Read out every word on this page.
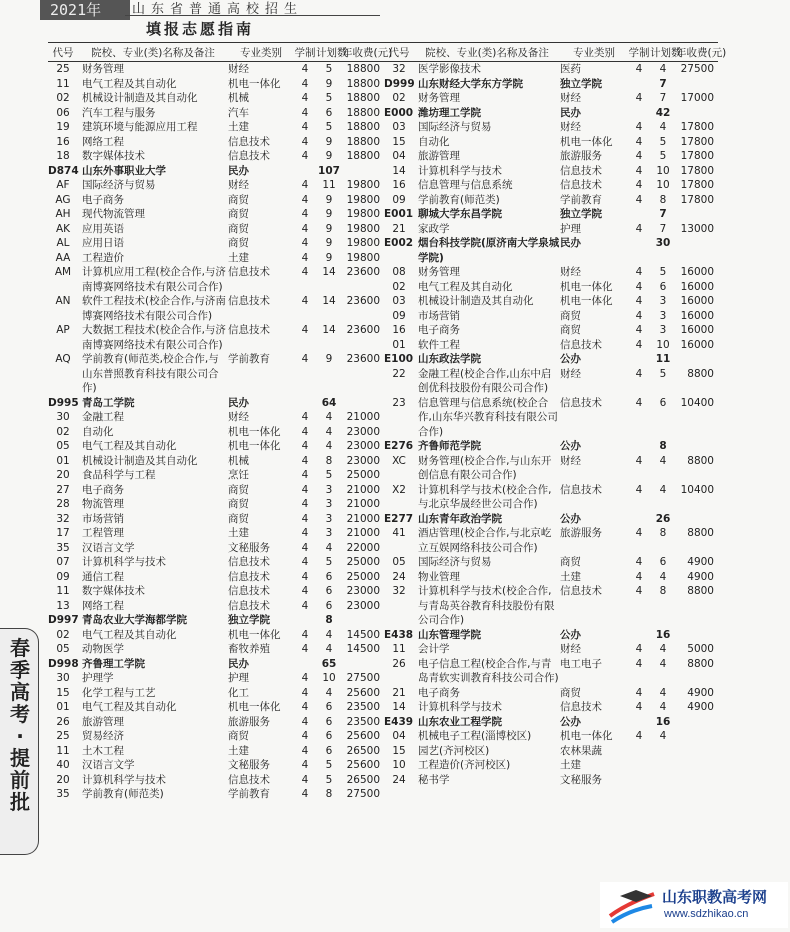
2021年	山东省普通高校招生
填报志愿指南
代号	院校、专业(类)名称及备注	专业类别	学制	计划数	年收费(元)
25	财务管理	财经	4	5	18800
11	电气工程及其自动化	机电一体化	4	9	18800
02	机械设计制造及其自动化	机械	4	5	18800
06	汽车工程与服务	汽车	4	6	18800
19	建筑环境与能源应用工程	土建	4	5	18800
16	网络工程	信息技术	4	9	18800
18	数字媒体技术	信息技术	4	9	18800
D874	山东外事职业大学	民办		107	
AF	国际经济与贸易	财经	4	11	19800
AG	电子商务	商贸	4	9	19800
AH	现代物流管理	商贸	4	9	19800
AK	应用英语	商贸	4	9	19800
AL	应用日语	商贸	4	9	19800
AA	工程造价	土建	4	9	19800
AM	计算机应用工程(校企合作,与济南博赛网络技术有限公司合作)	信息技术	4	14	23600
AN	软件工程技术(校企合作,与济南博赛网络技术有限公司合作)	信息技术	4	14	23600
AP	大数据工程技术(校企合作,与济南博赛网络技术有限公司合作)	信息技术	4	14	23600
AQ	学前教育(师范类,校企合作,与山东普照教育科技有限公司合作)	学前教育	4	9	23600
D995	青岛工学院	民办		64	
30	金融工程	财经	4	4	21000
02	自动化	机电一体化	4	4	23000
05	电气工程及其自动化	机电一体化	4	4	23000
01	机械设计制造及其自动化	机械	4	8	23000
20	食品科学与工程	烹饪	4	5	25000
27	电子商务	商贸	4	3	21000
28	物流管理	商贸	4	3	21000
32	市场营销	商贸	4	3	21000
17	工程管理	土建	4	3	21000
35	汉语言文学	文秘服务	4	4	22000
07	计算机科学与技术	信息技术	4	5	25000
09	通信工程	信息技术	4	6	25000
11	数字媒体技术	信息技术	4	6	23000
13	网络工程	信息技术	4	6	23000
D997	青岛农业大学海都学院	独立学院		8	
02	电气工程及其自动化	机电一体化	4	4	14500
05	动物医学	畜牧养殖	4	4	14500
D998	齐鲁理工学院	民办		65	
30	护理学	护理	4	10	27500
15	化学工程与工艺	化工	4	4	25600
01	电气工程及其自动化	机电一体化	4	6	23500
26	旅游管理	旅游服务	4	6	23500
25	贸易经济	商贸	4	6	25600
11	土木工程	土建	4	6	26500
40	汉语言文学	文秘服务	4	5	25600
20	计算机科学与技术	信息技术	4	5	26500
35	学前教育(师范类)	学前教育	4	8	27500
代号	院校、专业(类)名称及备注	专业类别	学制	计划数	年收费(元)
32	医学影像技术	医药	4	4	27500
D999	山东财经大学东方学院	独立学院		7	
02	财务管理	财经	4	7	17000
E000	潍坊理工学院	民办		42	
03	国际经济与贸易	财经	4	4	17800
15	自动化	机电一体化	4	5	17800
04	旅游管理	旅游服务	4	5	17800
14	计算机科学与技术	信息技术	4	10	17800
16	信息管理与信息系统	信息技术	4	10	17800
09	学前教育(师范类)	学前教育	4	8	17800
E001	聊城大学东昌学院	独立学院		7	
21	家政学	护理	4	7	13000
E002	烟台科技学院(原济南大学泉城学院)	民办		30	
08	财务管理	财经	4	5	16000
02	电气工程及其自动化	机电一体化	4	6	16000
03	机械设计制造及其自动化	机电一体化	4	3	16000
09	市场营销	商贸	4	3	16000
16	电子商务	商贸	4	3	16000
01	软件工程	信息技术	4	10	16000
E100	山东政法学院	公办		11	
22	金融工程(校企合作,山东中启创优科技股份有限公司合作)	财经	4	5	8800
23	信息管理与信息系统(校企合作,山东华兴教育科技有限公司合作)	信息技术	4	6	10400
E276	齐鲁师范学院	公办		8	
XC	财务管理(校企合作,与山东开创信息有限公司合作)	财经	4	4	8800
X2	计算机科学与技术(校企合作,与北京华晟经世公司合作)	信息技术	4	4	10400
E277	山东青年政治学院	公办		26	
41	酒店管理(校企合作,与北京屹立互娱网络科技公司合作)	旅游服务	4	8	8800
05	国际经济与贸易	商贸	4	6	4900
24	物业管理	土建	4	4	4900
32	计算机科学与技术(校企合作,与青岛英谷教育科技股份有限公司合作)	信息技术	4	8	8800
E438	山东管理学院	公办		16	
11	会计学	财经	4	4	5000
26	电子信息工程(校企合作,与青岛青软实训教育科技公司合作)	电工电子	4	4	8800
21	电子商务	商贸	4	4	4900
14	计算机科学与技术	信息技术	4	4	4900
E439	山东农业工程学院	公办		16	
04	机械电子工程(淄博校区)	机电一体化	4	4	
15	园艺(齐河校区)	农林果蔬			
10	工程造价(齐河校区)	土建			
24	秘书学	文秘服务			
春季高考·提前批
山东职教高考网
www.sdzhikao.cn
